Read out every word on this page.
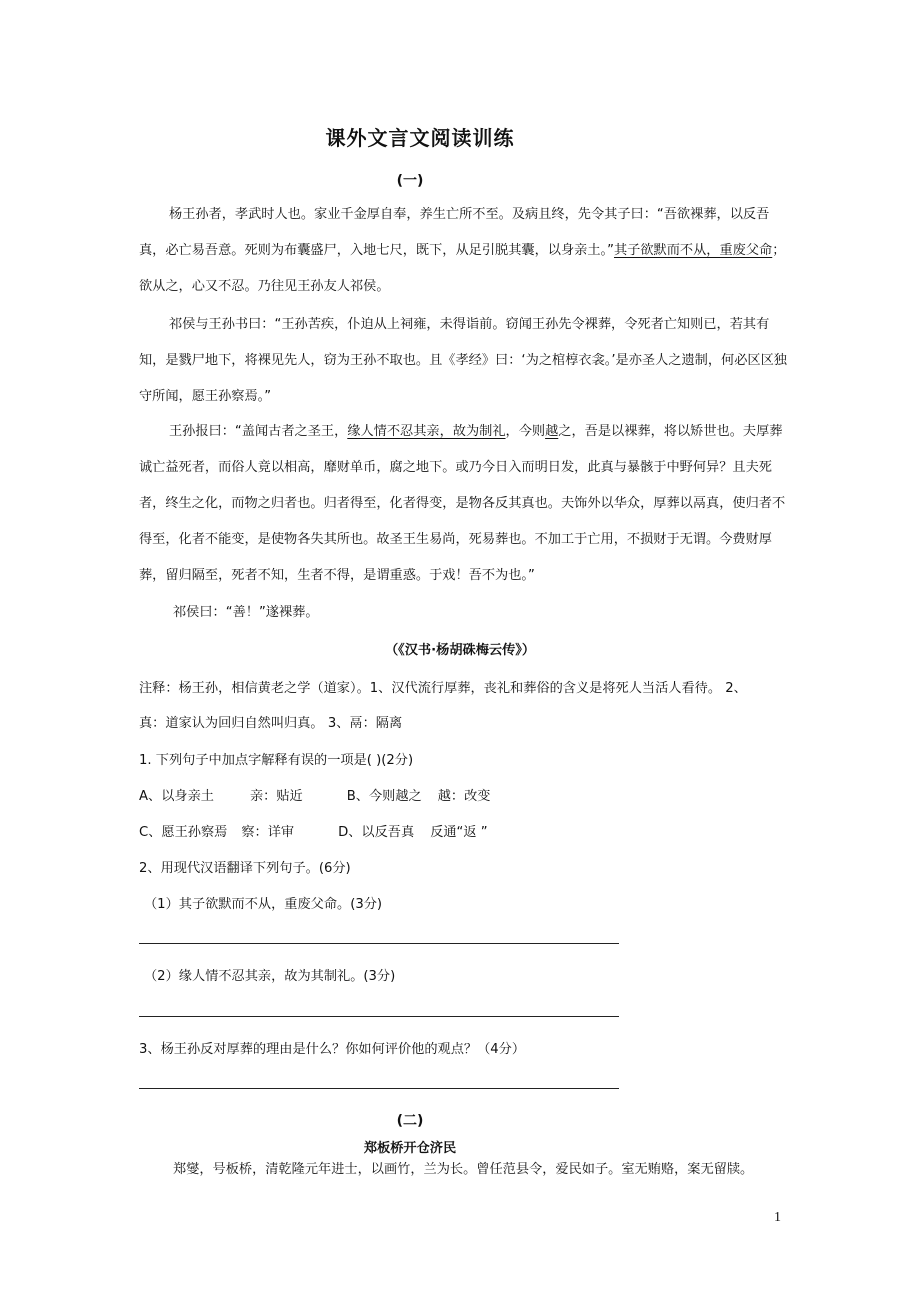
课外文言文阅读训练
(一)

杨王孙者，孝武时人也。家业千金厚自奉，养生亡所不至。及病且终，先令其子曰：“吾欲裸葬，以反吾真，必亡易吾意。死则为布囊盛尸，入地七尺，既下，从足引脱其囊，以身亲土。”其子欲默而不从，重废父命；欲从之，心又不忍。乃往见王孙友人祁侯。

祁侯与王孙书曰：“王孙苦疾，仆迫从上祠雍，未得诣前。窃闻王孙先令裸葬，令死者亡知则已，若其有知，是戮尸地下，将裸见先人，窃为王孙不取也。且《孝经》曰：‘为之棺椁衣衾。’是亦圣人之遗制，何必区区独守所闻，愿王孙察焉。”

王孙报曰：“盖闻古者之圣王，缘人情不忍其亲，故为制礼，今则越之，吾是以裸葬，将以矫世也。夫厚葬诚亡益死者，而俗人竟以相高，靡财单币，腐之地下。或乃今日入而明日发，此真与暴骸于中野何异？且夫死者，终生之化，而物之归者也。归者得至，化者得变，是物各反其真也。夫饰外以华众，厚葬以鬲真，使归者不得至，化者不能变，是使物各失其所也。故圣王生易尚，死易葬也。不加工于亡用，不损财于无谓。今费财厚葬，留归隔至，死者不知，生者不得，是谓重惑。于戏！吾不为也。”

祁侯曰：“善！”遂裸葬。

（《汉书·杨胡硃梅云传》）

注释：杨王孙，相信黄老之学（道家）。1、汉代流行厚葬，丧礼和葬俗的含义是将死人当活人看待。 2、

真：道家认为回归自然叫归真。 3、鬲：隔离

1. 下列句子中加点字解释有误的一项是( )(2分)

A、以身亲土	亲：贴近	B、今则越之 越：改变

C、愿王孙察焉 察：详审	D、以反吾真 反通“返 ”

2、用现代汉语翻译下列句子。(6分)

（1）其子欲默而不从，重废父命。(3分)

（2）缘人情不忍其亲，故为其制礼。(3分)

3、杨王孙反对厚葬的理由是什么？你如何评价他的观点？（4分）

(二)
郑板桥开仓济民

郑燮，号板桥，清乾隆元年进士，以画竹，兰为长。曾任范县令，爱民如子。室无贿赂，案无留牍。

1
